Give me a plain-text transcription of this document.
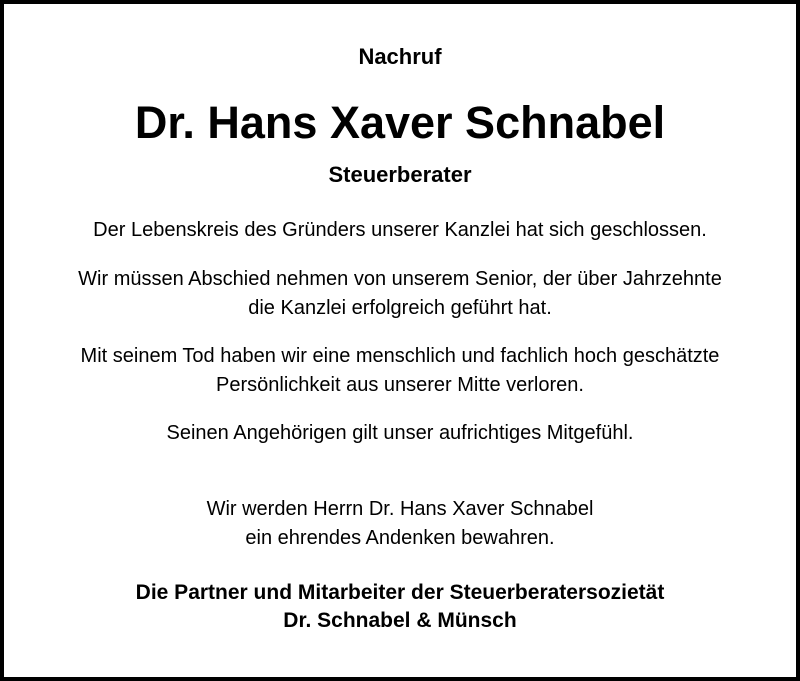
Nachruf
Dr. Hans Xaver Schnabel
Steuerberater
Der Lebenskreis des Gründers unserer Kanzlei hat sich geschlossen.
Wir müssen Abschied nehmen von unserem Senior, der über Jahrzehnte
die Kanzlei erfolgreich geführt hat.
Mit seinem Tod haben wir eine menschlich und fachlich hoch geschätzte
Persönlichkeit aus unserer Mitte verloren.
Seinen Angehörigen gilt unser aufrichtiges Mitgefühl.
Wir werden Herrn Dr. Hans Xaver Schnabel
ein ehrendes Andenken bewahren.
Die Partner und Mitarbeiter der Steuerberatersozietät
Dr. Schnabel & Münsch
